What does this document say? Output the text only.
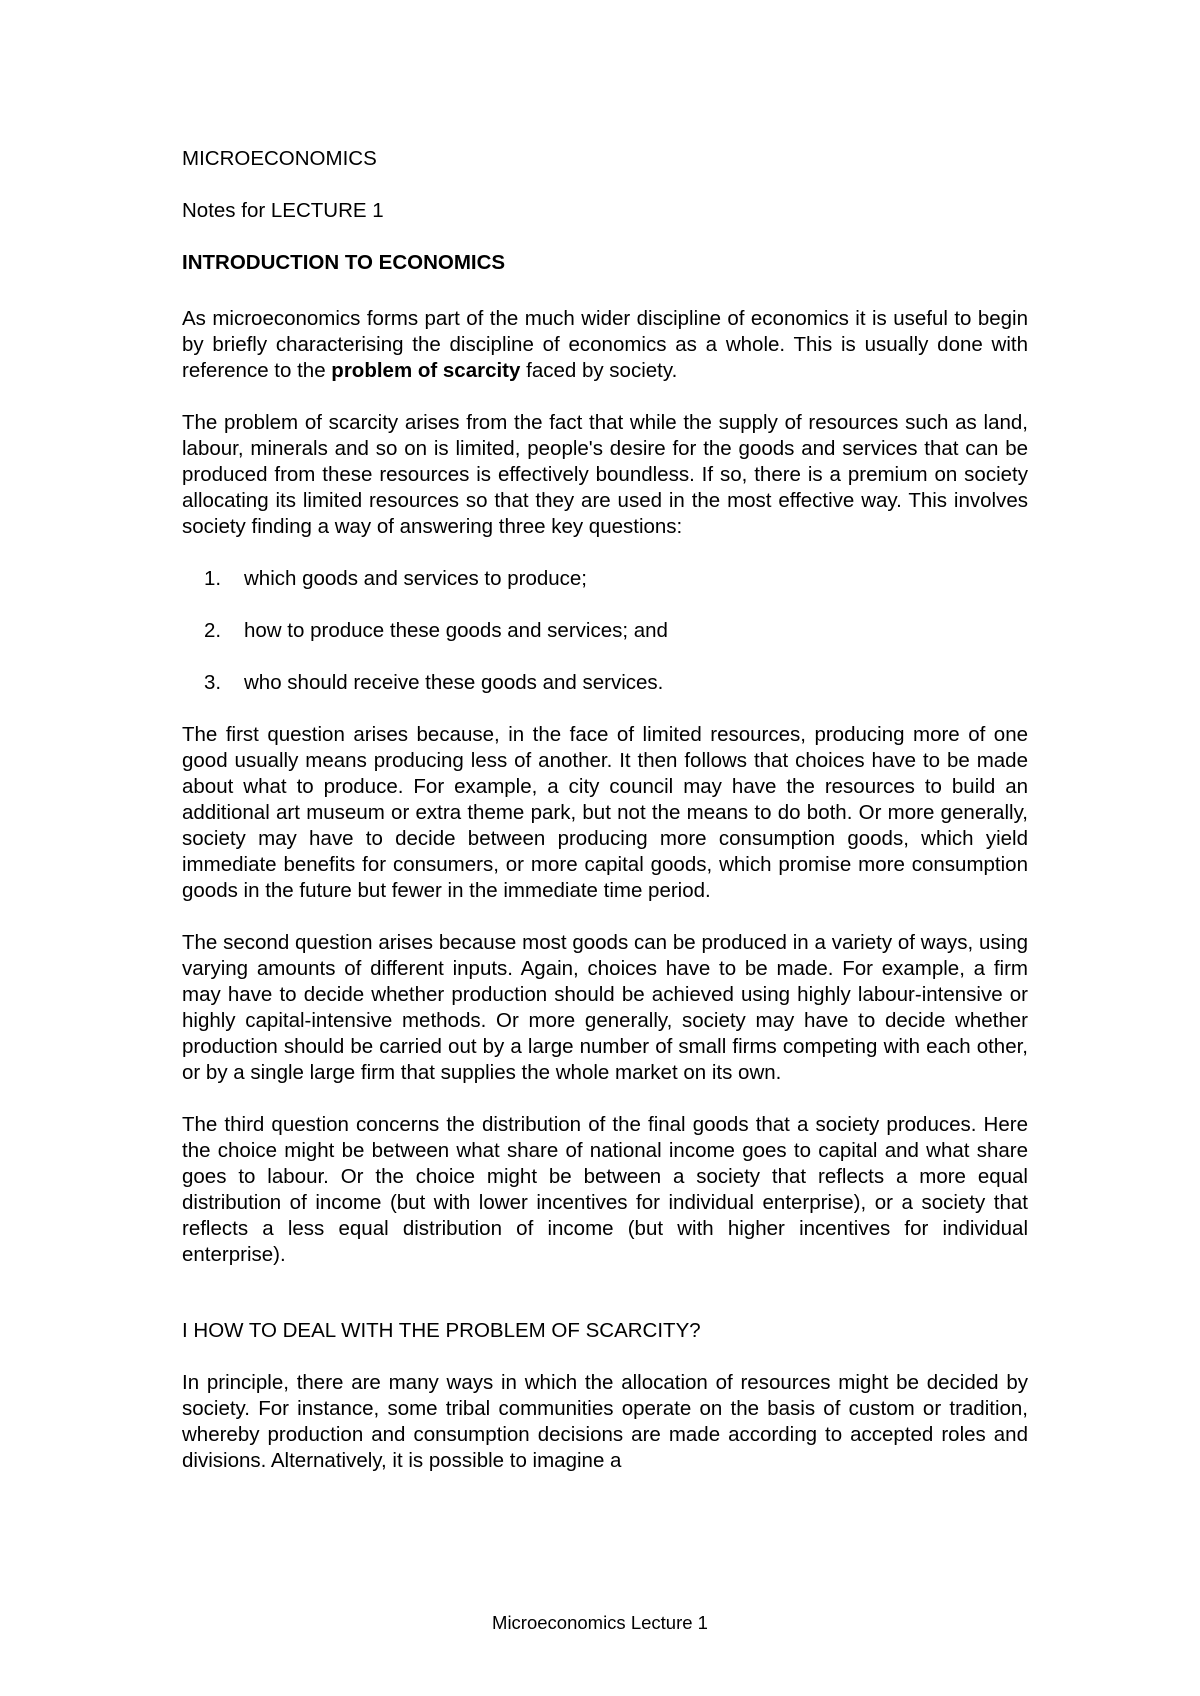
MICROECONOMICS

Notes for LECTURE 1

INTRODUCTION TO ECONOMICS

As microeconomics forms part of the much wider discipline of economics it is useful to begin by briefly characterising the discipline of economics as a whole. This is usually done with reference to the problem of scarcity faced by society.

The problem of scarcity arises from the fact that while the supply of resources such as land, labour, minerals and so on is limited, people's desire for the goods and services that can be produced from these resources is effectively boundless. If so, there is a premium on society allocating its limited resources so that they are used in the most effective way. This involves society finding a way of answering three key questions:

1.	which goods and services to produce;
2.	how to produce these goods and services; and
3.	who should receive these goods and services.

The first question arises because, in the face of limited resources, producing more of one good usually means producing less of another. It then follows that choices have to be made about what to produce. For example, a city council may have the resources to build an additional art museum or extra theme park, but not the means to do both. Or more generally, society may have to decide between producing more consumption goods, which yield immediate benefits for consumers, or more capital goods, which promise more consumption goods in the future but fewer in the immediate time period.

The second question arises because most goods can be produced in a variety of ways, using varying amounts of different inputs. Again, choices have to be made. For example, a firm may have to decide whether production should be achieved using highly labour-intensive or highly capital-intensive methods. Or more generally, society may have to decide whether production should be carried out by a large number of small firms competing with each other, or by a single large firm that supplies the whole market on its own.

The third question concerns the distribution of the final goods that a society produces. Here the choice might be between what share of national income goes to capital and what share goes to labour. Or the choice might be between a society that reflects a more equal distribution of income (but with lower incentives for individual enterprise), or a society that reflects a less equal distribution of income (but with higher incentives for individual enterprise).

I HOW TO DEAL WITH THE PROBLEM OF SCARCITY?

In principle, there are many ways in which the allocation of resources might be decided by society. For instance, some tribal communities operate on the basis of custom or tradition, whereby production and consumption decisions are made according to accepted roles and divisions. Alternatively, it is possible to imagine a

Microeconomics Lecture 1
